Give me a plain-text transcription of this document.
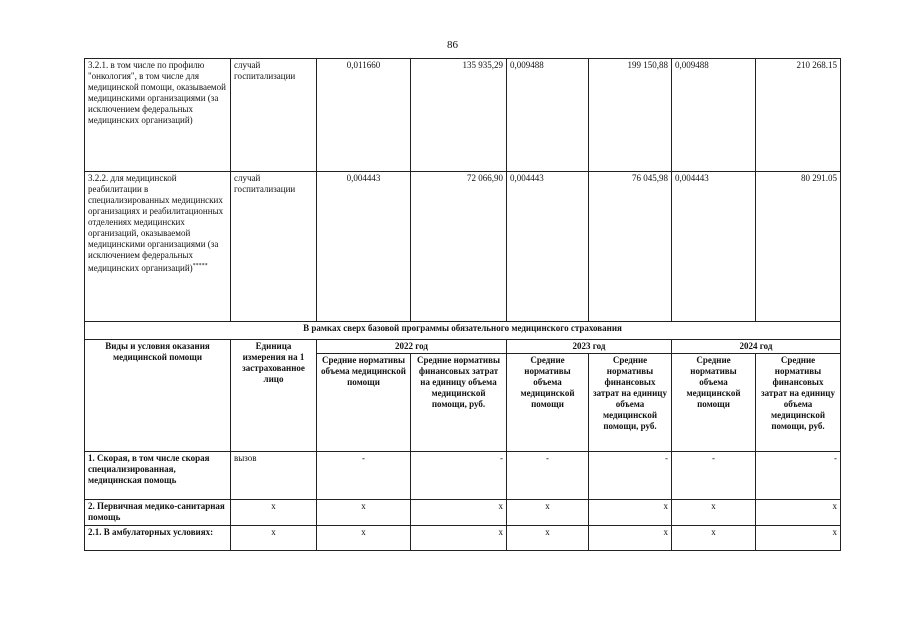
86
3.2.1. в том числе по профилю "онкология", в том числе для медицинской помощи, оказываемой медицинскими организациями (за исключением федеральных медицинских организаций)	случай госпитализации	0,011660	135 935,29	0,009488	199 150,88	0,009488	210 268.15
3.2.2. для медицинской реабилитации в специализированных медицинских организациях и реабилитационных отделениях медицинских организаций, оказываемой медицинскими организациями (за исключением федеральных медицинских организаций)*****	случай госпитализации	0,004443	72 066,90	0,004443	76 045,98	0,004443	80 291.05
В рамках сверх базовой программы обязательного медицинского страхования							
Виды и условия оказания медицинской помощи	Единица измерения на 1 застрахованное лицо	2022 год		2023 год		2024 год	
		Средние нормативы объема медицинской помощи	Средние нормативы финансовых затрат на единицу объема медицинской помощи, руб.	Средние нормативы объема медицинской помощи	Средние нормативы финансовых затрат на единицу объема медицинской помощи, руб.	Средние нормативы объема медицинской помощи	Средние нормативы финансовых затрат на единицу объема медицинской помощи, руб.
1. Скорая, в том числе скорая специализированная, медицинская помощь	вызов	-	-	-	-	-	-
2. Первичная медико-санитарная помощь	х	х	х	х	х	х	х
2.1. В амбулаторных условиях:	х	х	х	х	х	х	х
